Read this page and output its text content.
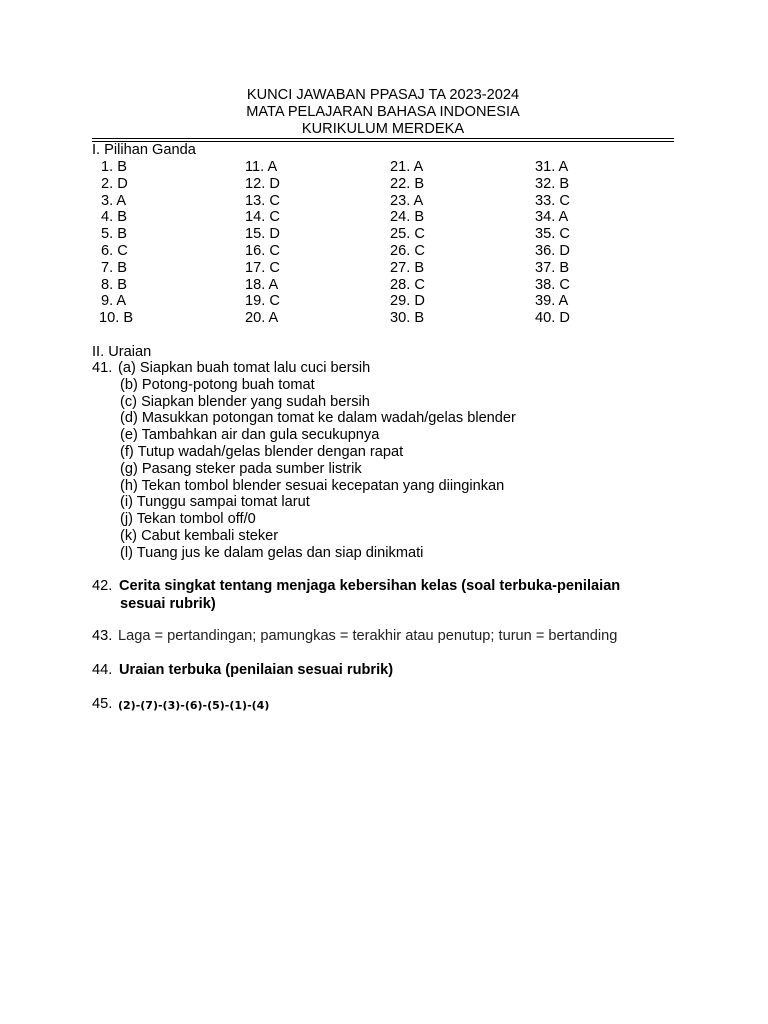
KUNCI JAWABAN PPASAJ TA 2023-2024
MATA PELAJARAN BAHASA INDONESIA
KURIKULUM MERDEKA
I. Pilihan Ganda
1. B	11. A	21. A	31. A
2. D	12. D	22. B	32. B
3. A	13. C	23. A	33. C
4. B	14. C	24. B	34. A
5. B	15. D	25. C	35. C
6. C	16. C	26. C	36. D
7. B	17. C	27. B	37. B
8. B	18. A	28. C	38. C
9. A	19. C	29. D	39. A
10. B	20. A	30. B	40. D
II. Uraian
41. (a) Siapkan buah tomat lalu cuci bersih
(b) Potong-potong buah tomat
(c) Siapkan blender yang sudah bersih
(d) Masukkan potongan tomat ke dalam wadah/gelas blender
(e) Tambahkan air dan gula secukupnya
(f) Tutup wadah/gelas blender dengan rapat
(g) Pasang steker pada sumber listrik
(h) Tekan tombol blender sesuai kecepatan yang diinginkan
(i) Tunggu sampai tomat larut
(j) Tekan tombol off/0
(k) Cabut kembali steker
(l) Tuang jus ke dalam gelas dan siap dinikmati
42. Cerita singkat tentang menjaga kebersihan kelas (soal terbuka-penilaian
sesuai rubrik)
43. Laga = pertandingan; pamungkas = terakhir atau penutup; turun = bertanding
44. Uraian terbuka (penilaian sesuai rubrik)
45. (2)-(7)-(3)-(6)-(5)-(1)-(4)
